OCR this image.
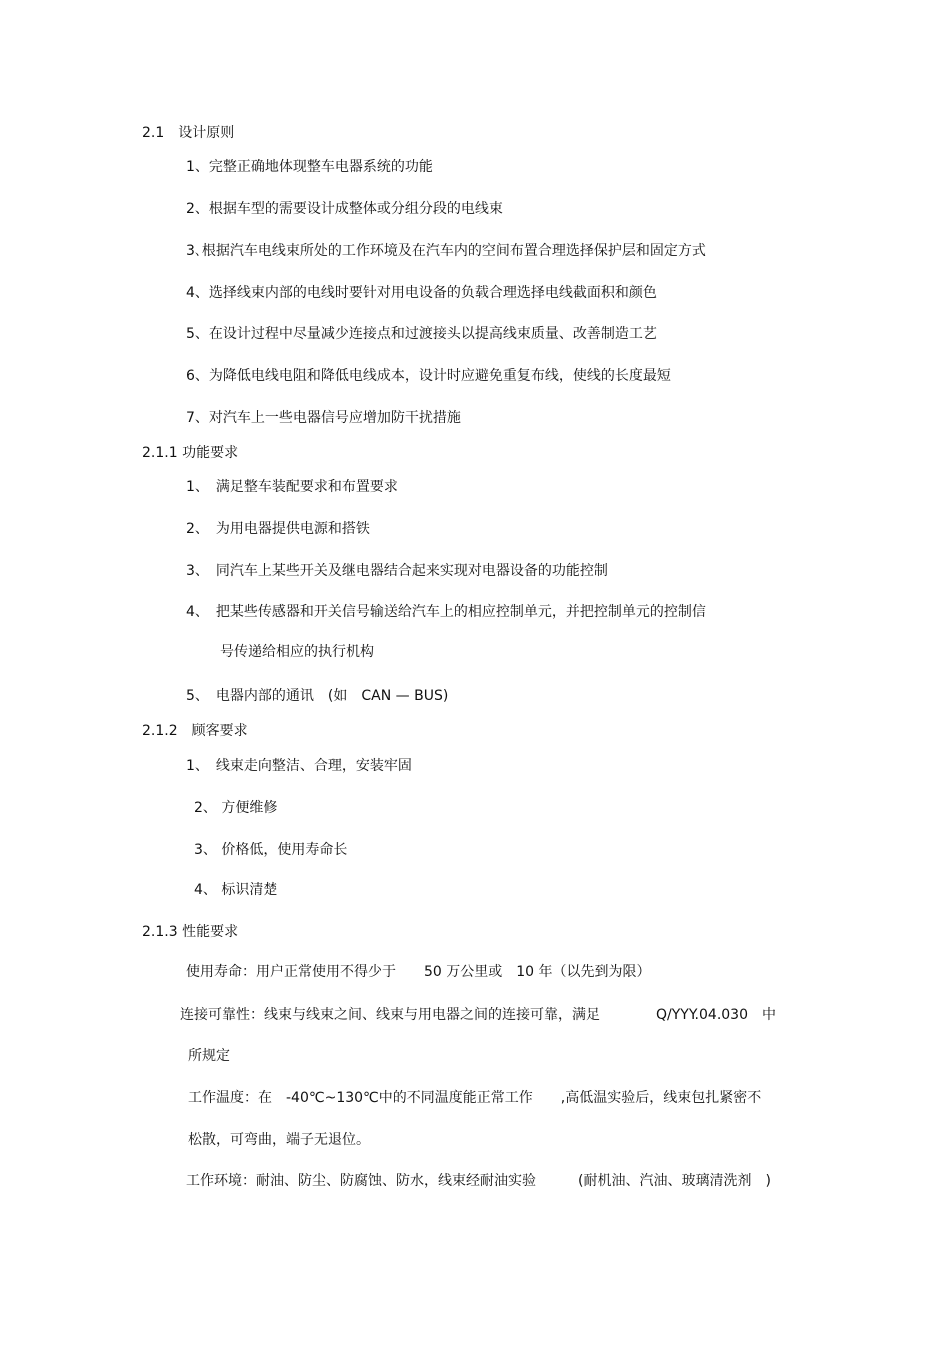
2.1　设计原则
1、完整正确地体现整车电器系统的功能
2、根据车型的需要设计成整体或分组分段的电线束
3､根据汽车电线束所处的工作环境及在汽车内的空间布置合理选择保护层和固定方式
4、选择线束内部的电线时要针对用电设备的负载合理选择电线截面积和颜色
5、在设计过程中尽量减少连接点和过渡接头以提高线束质量、改善制造工艺
6、为降低电线电阻和降低电线成本，设计时应避免重复布线，使线的长度最短
7、对汽车上一些电器信号应增加防干扰措施
2.1.1 功能要求
1、　满足整车装配要求和布置要求
2、　为用电器提供电源和搭铁
3、　同汽车上某些开关及继电器结合起来实现对电器设备的功能控制
4、　把某些传感器和开关信号输送给汽车上的相应控制单元，并把控制单元的控制信
号传递给相应的执行机构
5、　电器内部的通讯　(如　CAN — BUS)
2.1.2　顾客要求
1、　线束走向整洁、合理，安装牢固
2、 方便维修
3、 价格低，使用寿命长
4、 标识清楚
2.1.3 性能要求
使用寿命：用户正常使用不得少于　　50 万公里或　10 年（以先到为限）
连接可靠性：线束与线束之间、线束与用电器之间的连接可靠，满足　　　　Q/YYY.04.030　中
所规定
工作温度：在　-40℃~130℃中的不同温度能正常工作　　,高低温实验后，线束包扎紧密不
松散，可弯曲，端子无退位。
工作环境：耐油、防尘、防腐蚀、防水，线束经耐油实验　　　(耐机油、汽油、玻璃清洗剂　)
